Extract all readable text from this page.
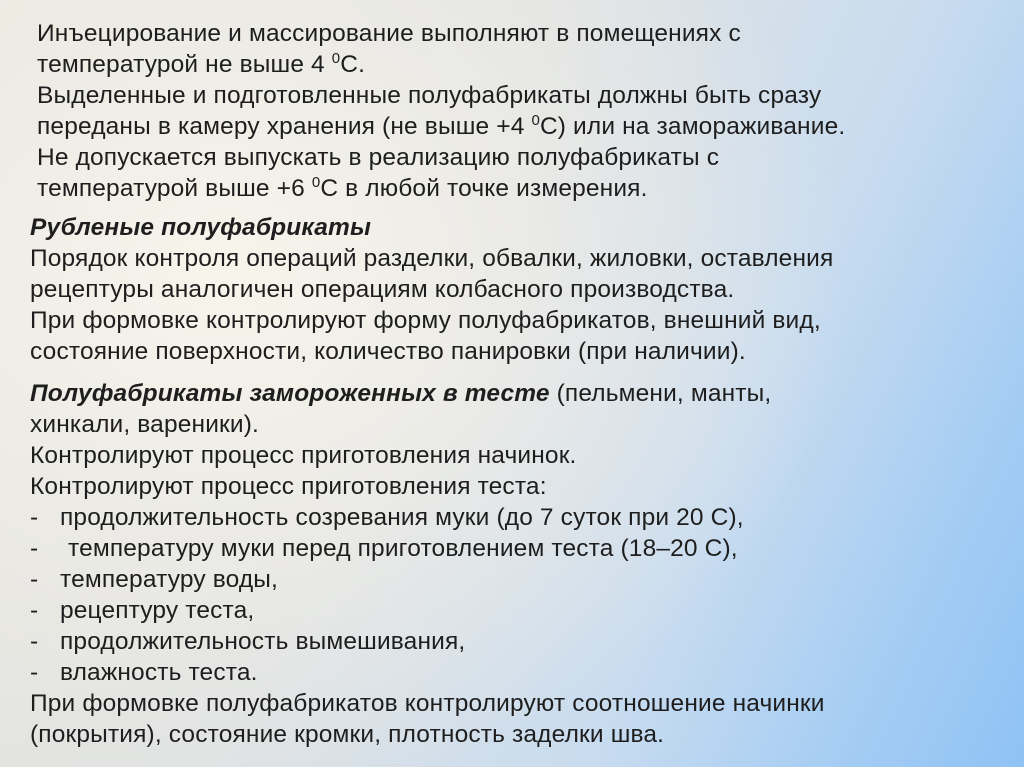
Инъецирование и массирование выполняют в помещениях с
температурой не выше 4 $^0$С.
Выделенные и подготовленные полуфабрикаты должны быть сразу
переданы в камеру хранения (не выше +4 $^0$С) или на замораживание.
Не допускается выпускать в реализацию полуфабрикаты с
температурой выше +6 $^0$С в любой точке измерения.
Рубленые полуфабрикаты
Порядок контроля операций разделки, обвалки, жиловки, оставления
рецептуры аналогичен операциям колбасного производства.
При формовке контролируют форму полуфабрикатов, внешний вид,
состояние поверхности, количество панировки (при наличии).
Полуфабрикаты замороженных в тесте (пельмени, манты,
хинкали, вареники).
Контролируют процесс приготовления начинок.
Контролируют процесс приготовления теста:
- продолжительность созревания муки (до 7 суток при 20 С),
- температуру муки перед приготовлением теста (18–20 С),
- температуру воды,
- рецептуру теста,
- продолжительность вымешивания,
- влажность теста.
При формовке полуфабрикатов контролируют соотношение начинки
(покрытия), состояние кромки, плотность заделки шва.
